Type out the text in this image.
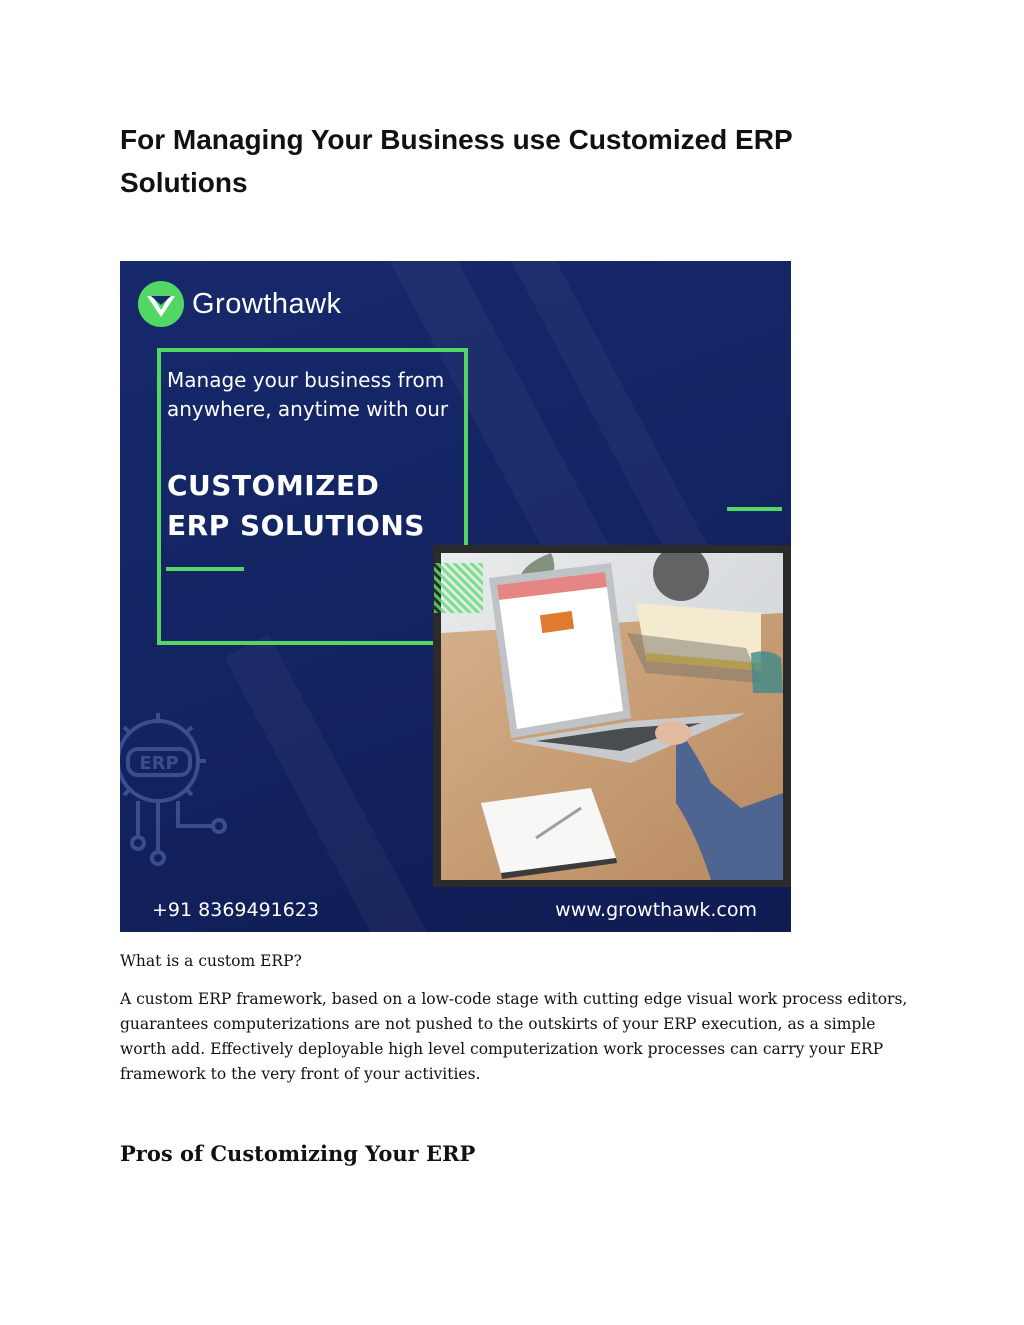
For Managing Your Business use Customized ERP Solutions
Growthawk

Manage your business from anywhere, anytime with our

CUSTOMIZED
ERP SOLUTIONS
ERP
+91 8369491623	www.growthawk.com

What is a custom ERP?

A custom ERP framework, based on a low-code stage with cutting edge visual work process editors, guarantees computerizations are not pushed to the outskirts of your ERP execution, as a simple worth add. Effectively deployable high level computerization work processes can carry your ERP framework to the very front of your activities.

Pros of Customizing Your ERP
